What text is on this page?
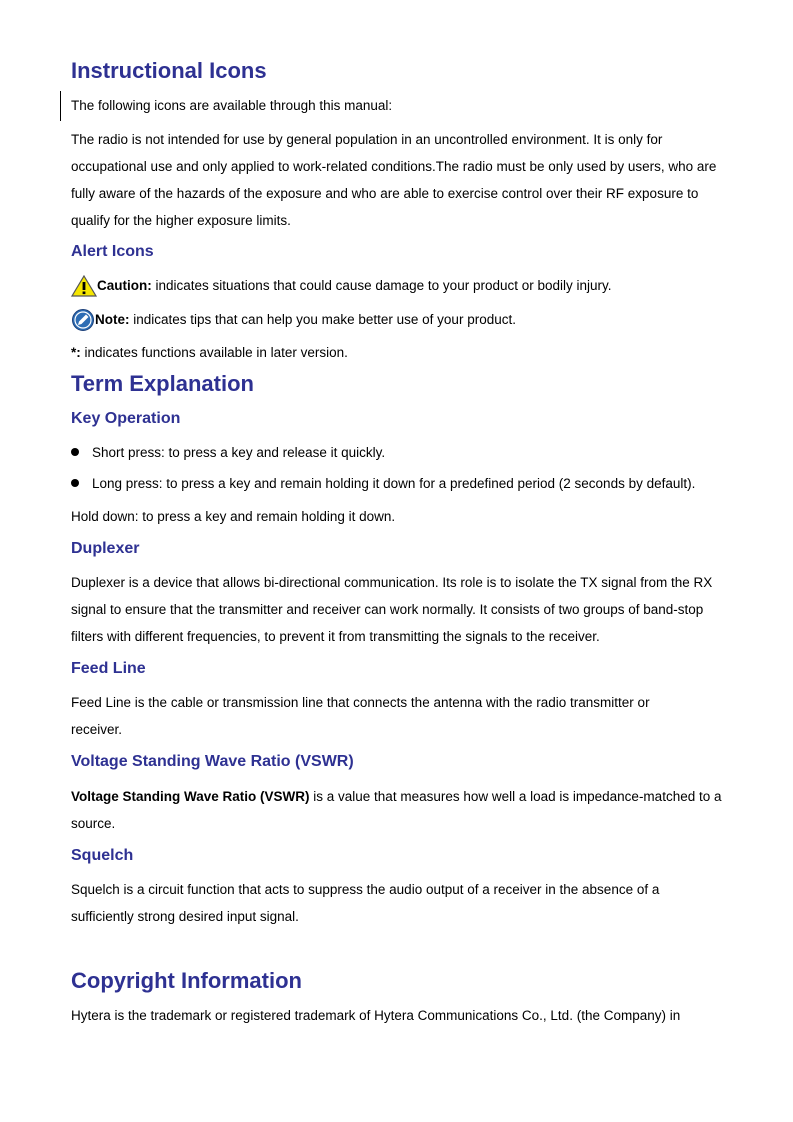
Instructional Icons

The following icons are available through this manual:

The radio is not intended for use by general population in an uncontrolled environment. It is only for occupational use and only applied to work-related conditions.The radio must be only used by users, who are fully aware of the hazards of the exposure and who are able to exercise control over their RF exposure to qualify for the higher exposure limits.

Alert Icons
Caution: indicates situations that could cause damage to your product or bodily injury.
Note: indicates tips that can help you make better use of your product.
*: indicates functions available in later version.
Term Explanation
Key Operation
Short press: to press a key and release it quickly.
Long press: to press a key and remain holding it down for a predefined period (2 seconds by default).

Hold down: to press a key and remain holding it down.

Duplexer

Duplexer is a device that allows bi-directional communication. Its role is to isolate the TX signal from the RX signal to ensure that the transmitter and receiver can work normally. It consists of two groups of band-stop filters with different frequencies, to prevent it from transmitting the signals to the receiver.

Feed Line

Feed Line is the cable or transmission line that connects the antenna with the radio transmitter or receiver.

Voltage Standing Wave Ratio (VSWR)

Voltage Standing Wave Ratio (VSWR) is a value that measures how well a load is impedance-matched to a source.

Squelch

Squelch is a circuit function that acts to suppress the audio output of a receiver in the absence of a sufficiently strong desired input signal.

Copyright Information

Hytera is the trademark or registered trademark of Hytera Communications Co., Ltd. (the Company) in
